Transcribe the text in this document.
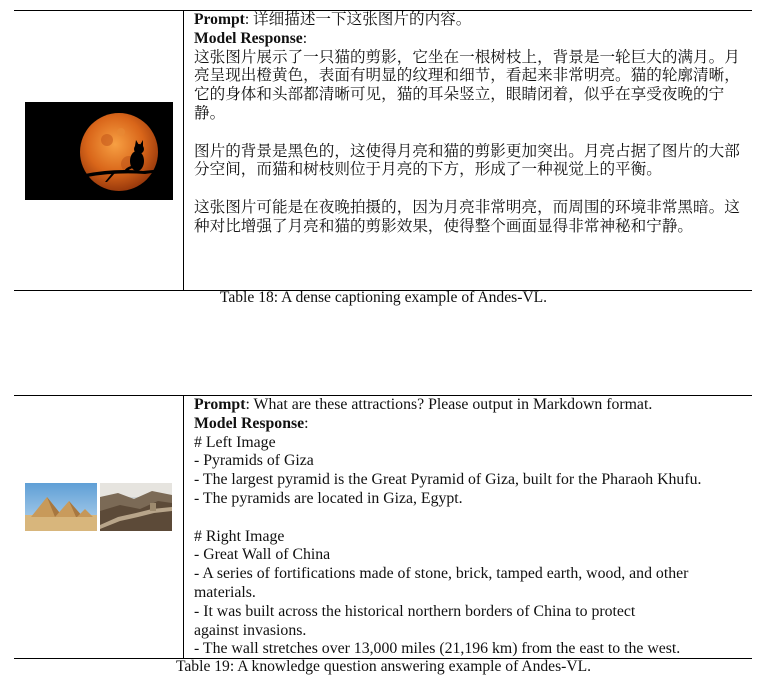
Prompt: 详细描述一下这张图片的内容。

Model Response:

这张图片展示了一只猫的剪影，它坐在一根树枝上，背景是一轮巨大的满月。月亮呈现出橙黄色，表面有明显的纹理和细节，看起来非常明亮。猫的轮廓清晰，它的身体和头部都清晰可见，猫的耳朵竖立，眼睛闭着，似乎在享受夜晚的宁静。

图片的背景是黑色的，这使得月亮和猫的剪影更加突出。月亮占据了图片的大部分空间，而猫和树枝则位于月亮的下方，形成了一种视觉上的平衡。

这张图片可能是在夜晚拍摄的，因为月亮非常明亮，而周围的环境非常黑暗。这种对比增强了月亮和猫的剪影效果，使得整个画面显得非常神秘和宁静。

Table 18: A dense captioning example of Andes-VL.

Prompt: What are these attractions? Please output in Markdown format.

Model Response:

# Left Image

- Pyramids of Giza

- The largest pyramid is the Great Pyramid of Giza, built for the Pharaoh Khufu.

- The pyramids are located in Giza, Egypt.

# Right Image

- Great Wall of China

- A series of fortifications made of stone, brick, tamped earth, wood, and other

materials.

- It was built across the historical northern borders of China to protect

against invasions.

- The wall stretches over 13,000 miles (21,196 km) from the east to the west.

Table 19: A knowledge question answering example of Andes-VL.
